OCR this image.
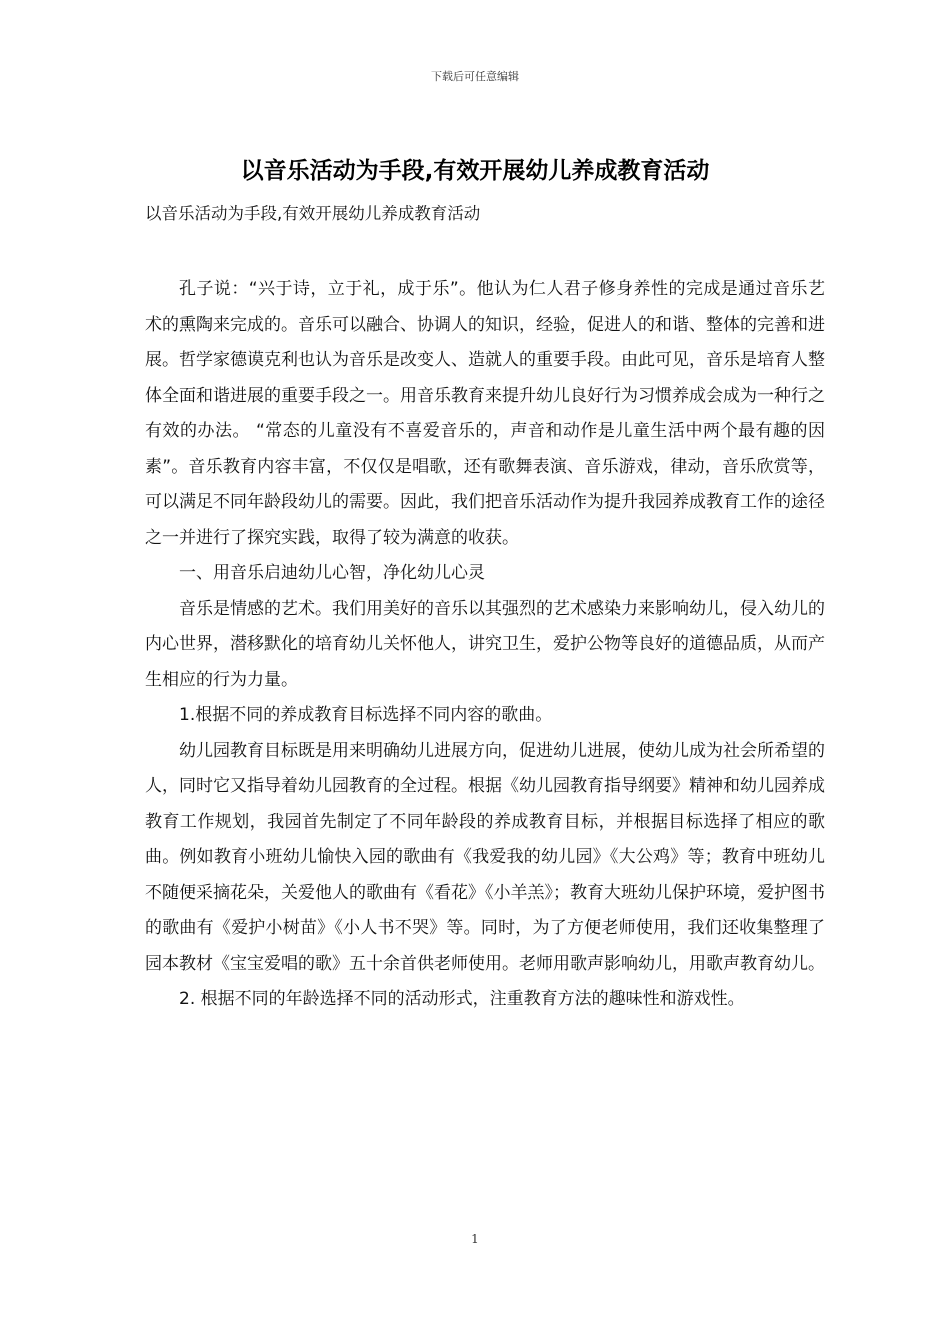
下载后可任意编辑
以音乐活动为手段,有效开展幼儿养成教育活动
以音乐活动为手段,有效开展幼儿养成教育活动

孔子说：“兴于诗，立于礼，成于乐”。他认为仁人君子修身养性的完成是通过音乐艺术的熏陶来完成的。音乐可以融合、协调人的知识，经验，促进人的和谐、整体的完善和进展。哲学家德谟克利也认为音乐是改变人、造就人的重要手段。由此可见，音乐是培育人整体全面和谐进展的重要手段之一。用音乐教育来提升幼儿良好行为习惯养成会成为一种行之有效的办法。 “常态的儿童没有不喜爱音乐的，声音和动作是儿童生活中两个最有趣的因素”。音乐教育内容丰富，不仅仅是唱歌，还有歌舞表演、音乐游戏，律动，音乐欣赏等，可以满足不同年龄段幼儿的需要。因此，我们把音乐活动作为提升我园养成教育工作的途径之一并进行了探究实践，取得了较为满意的收获。

一、用音乐启迪幼儿心智，净化幼儿心灵

音乐是情感的艺术。我们用美好的音乐以其强烈的艺术感染力来影响幼儿，侵入幼儿的内心世界，潜移默化的培育幼儿关怀他人，讲究卫生，爱护公物等良好的道德品质，从而产生相应的行为力量。

1.根据不同的养成教育目标选择不同内容的歌曲。

幼儿园教育目标既是用来明确幼儿进展方向，促进幼儿进展，使幼儿成为社会所希望的人，同时它又指导着幼儿园教育的全过程。根据《幼儿园教育指导纲要》精神和幼儿园养成教育工作规划，我园首先制定了不同年龄段的养成教育目标，并根据目标选择了相应的歌曲。例如教育小班幼儿愉快入园的歌曲有《我爱我的幼儿园》《大公鸡》等；教育中班幼儿不随便采摘花朵，关爱他人的歌曲有《看花》《小羊羔》；教育大班幼儿保护环境，爱护图书的歌曲有《爱护小树苗》《小人书不哭》等。同时，为了方便老师使用，我们还收集整理了园本教材《宝宝爱唱的歌》五十余首供老师使用。老师用歌声影响幼儿，用歌声教育幼儿。

2. 根据不同的年龄选择不同的活动形式，注重教育方法的趣味性和游戏性。

1
